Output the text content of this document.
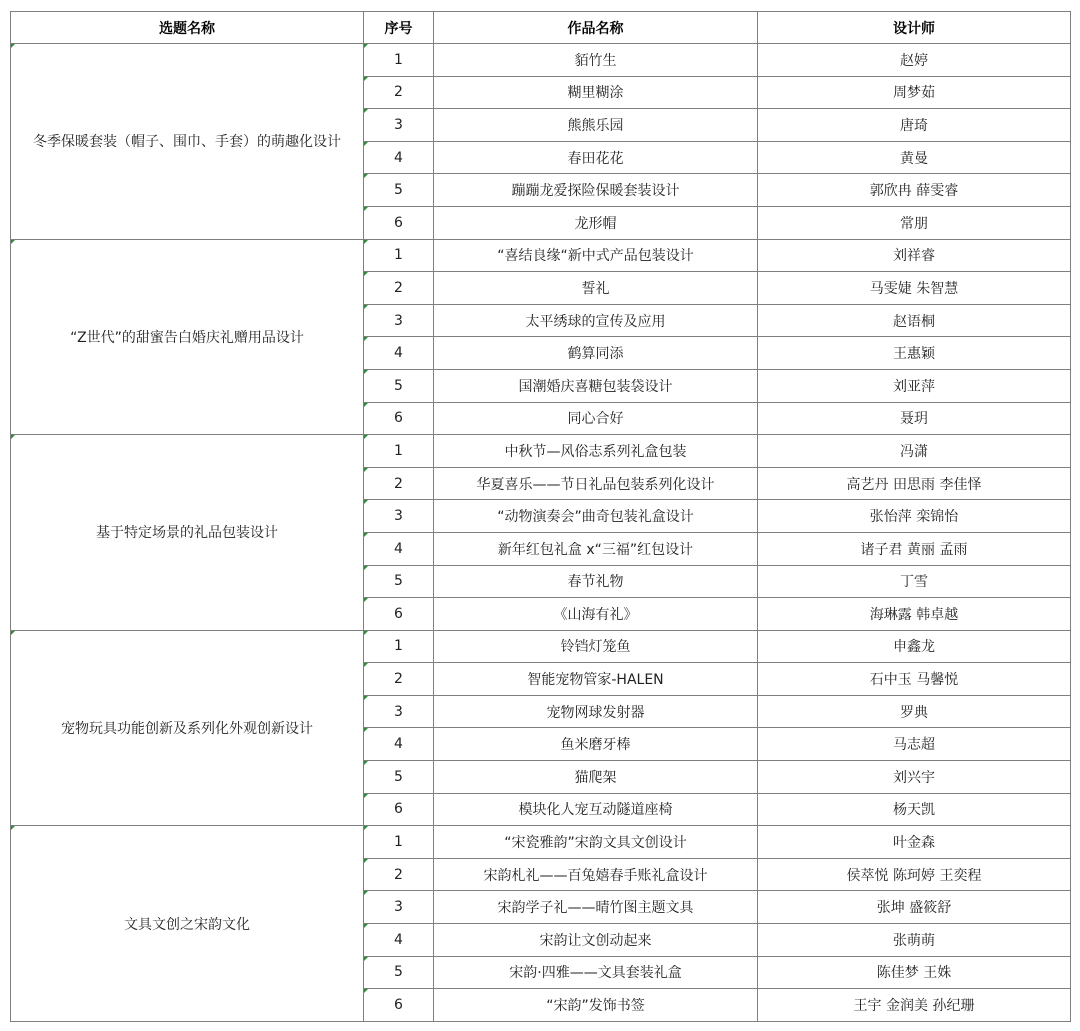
选题名称	序号	作品名称	设计师
冬季保暖套装（帽子、围巾、手套）的萌趣化设计	1	貊竹生	赵婷
	2	糊里糊涂	周梦茹
	3	熊熊乐园	唐琦
	4	春田花花	黄曼
	5	蹦蹦龙爱探险保暖套装设计	郭欣冉 薛雯睿
	6	龙形帽	常朋
“Z世代”的甜蜜告白婚庆礼赠用品设计	1	“喜结良缘“新中式产品包装设计	刘祥睿
	2	誓礼	马雯婕 朱智慧
	3	太平绣球的宣传及应用	赵语桐
	4	鹤算同添	王惠颖
	5	国潮婚庆喜糖包装袋设计	刘亚萍
	6	同心合好	聂玥
基于特定场景的礼品包装设计	1	中秋节—风俗志系列礼盒包装	冯潇
	2	华夏喜乐——节日礼品包装系列化设计	高艺丹 田思雨 李佳怿
	3	“动物演奏会”曲奇包装礼盒设计	张怡萍 栾锦怡
	4	新年红包礼盒 x“三福”红包设计	诸子君 黄丽 孟雨
	5	春节礼物	丁雪
	6	《山海有礼》	海琳露 韩卓越
宠物玩具功能创新及系列化外观创新设计	1	铃铛灯笼鱼	申鑫龙
	2	智能宠物管家-HALEN	石中玉 马馨悦
	3	宠物网球发射器	罗典
	4	鱼米磨牙棒	马志超
	5	猫爬架	刘兴宇
	6	模块化人宠互动隧道座椅	杨天凯
文具文创之宋韵文化	1	“宋瓷雅韵”宋韵文具文创设计	叶金森
	2	宋韵札礼——百兔嬉春手账礼盒设计	侯萃悦 陈珂婷 王奕程
	3	宋韵学子礼——晴竹图主题文具	张坤 盛筱舒
	4	宋韵让文创动起来	张萌萌
	5	宋韵·四雅——文具套装礼盒	陈佳梦 王姝
	6	“宋韵”发饰书签	王宇 金润美 孙纪珊
